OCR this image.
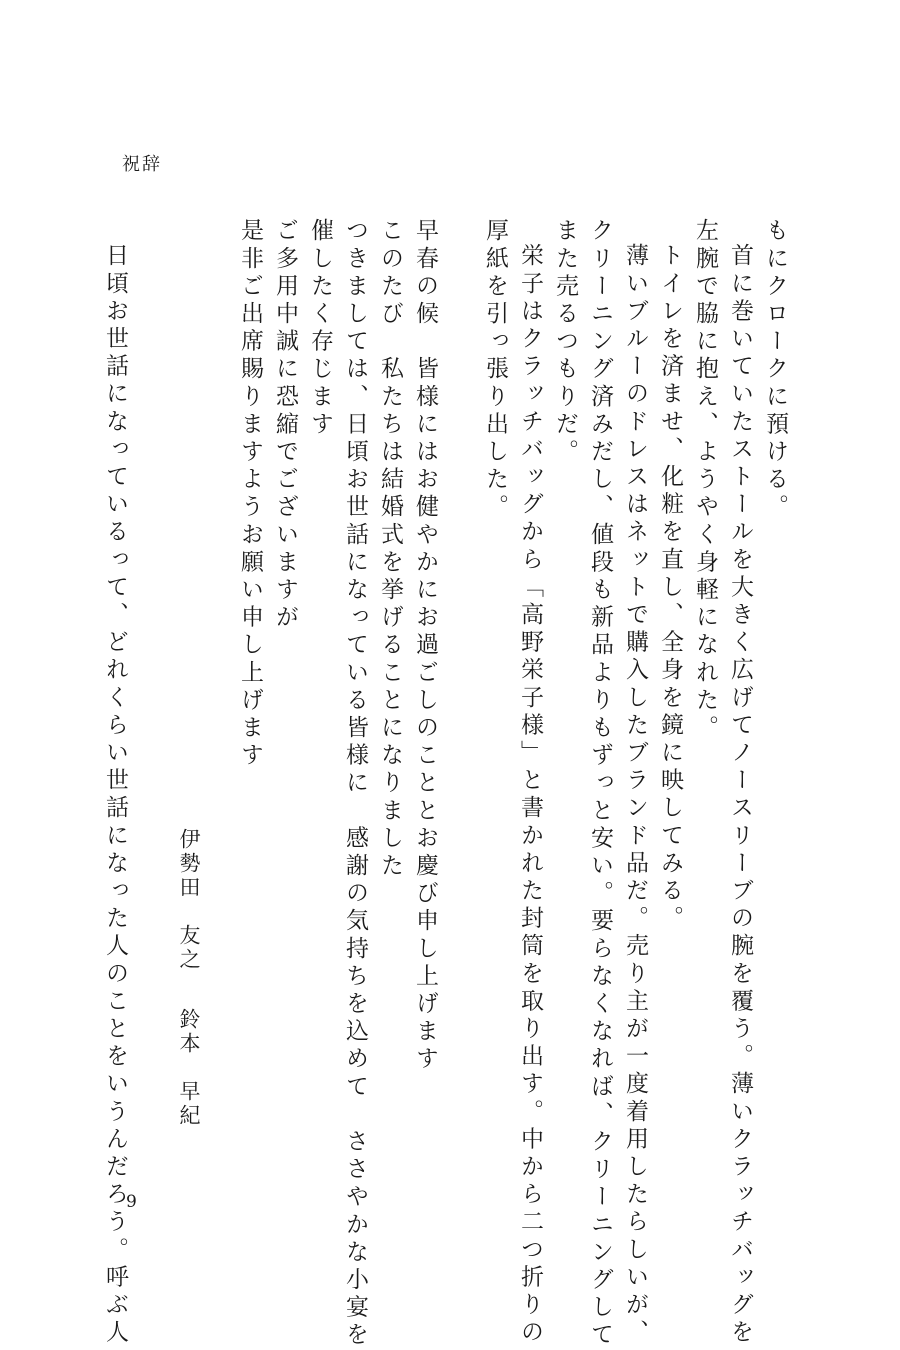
祝辞
もにクロークに預ける。
首に巻いていたストールを大きく広げてノースリーブの腕を覆う。薄いクラッチバッグを
左腕で脇に抱え、ようやく身軽になれた。
トイレを済ませ、化粧を直し、全身を鏡に映してみる。
薄いブルーのドレスはネットで購入したブランド品だ。売り主が一度着用したらしいが、
クリーニング済みだし、値段も新品よりもずっと安い。要らなくなれば、クリーニングして
また売るつもりだ。
栄子はクラッチバッグから「高野栄子様」と書かれた封筒を取り出す。中から二つ折りの
厚紙を引っ張り出した。
早春の候　皆様にはお健やかにお過ごしのこととお慶び申し上げます
このたび　私たちは結婚式を挙げることになりました
つきましては、日頃お世話になっている皆様に　感謝の気持ちを込めて　ささやかな小宴を
催したく存じます
ご多用中誠に恐縮でございますが
是非ご出席賜りますようお願い申し上げます
伊勢田　友之
鈴本　早紀
日頃お世話になっているって、どれくらい世話になった人のことをいうんだろう。呼ぶ人
9
